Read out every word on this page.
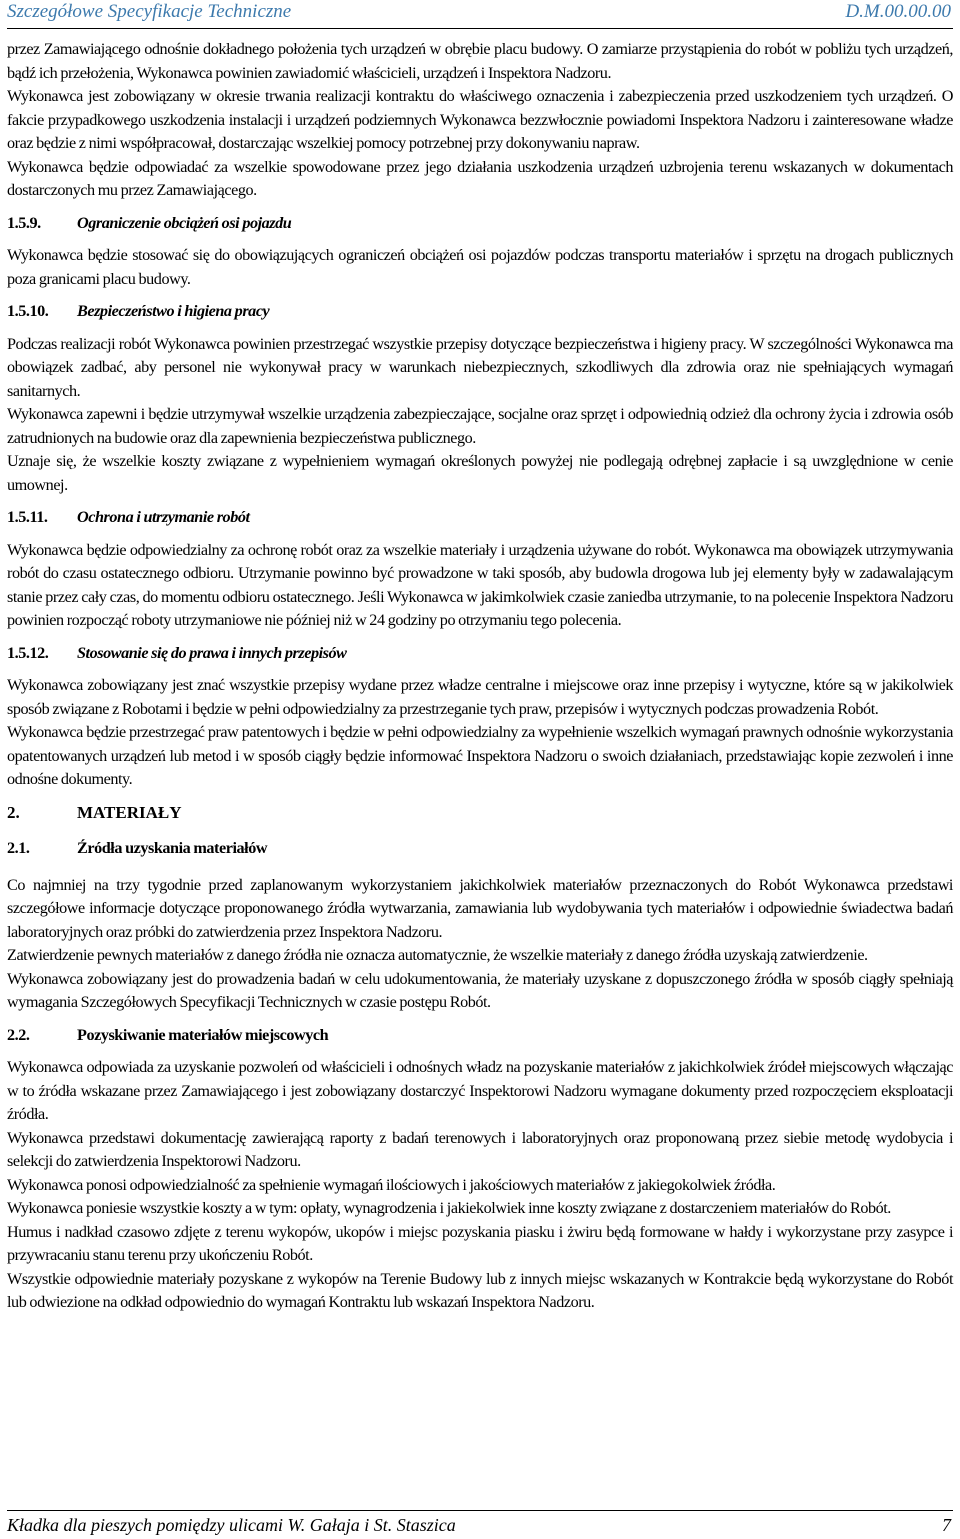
Szczegółowe Specyfikacje Techniczne	D.M.00.00.00

przez Zamawiającego odnośnie dokładnego położenia tych urządzeń w obrębie placu budowy. O zamiarze przystąpienia do robót w pobliżu tych urządzeń, bądź ich przełożenia, Wykonawca powinien zawiadomić właścicieli, urządzeń i Inspektora Nadzoru.

Wykonawca jest zobowiązany w okresie trwania realizacji kontraktu do właściwego oznaczenia i zabezpieczenia przed uszkodzeniem tych urządzeń. O fakcie przypadkowego uszkodzenia instalacji i urządzeń podziemnych Wykonawca bezzwłocznie powiadomi Inspektora Nadzoru i zainteresowane władze oraz będzie z nimi współpracował, dostarczając wszelkiej pomocy potrzebnej przy dokonywaniu napraw.

Wykonawca będzie odpowiadać za wszelkie spowodowane przez jego działania uszkodzenia urządzeń uzbrojenia terenu wskazanych w dokumentach dostarczonych mu przez Zamawiającego.

1.5.9.	Ograniczenie obciążeń osi pojazdu

Wykonawca będzie stosować się do obowiązujących ograniczeń obciążeń osi pojazdów podczas transportu materiałów i sprzętu na drogach publicznych poza granicami placu budowy.

1.5.10.	Bezpieczeństwo i higiena pracy

Podczas realizacji robót Wykonawca powinien przestrzegać wszystkie przepisy dotyczące bezpieczeństwa i higieny pracy. W szczególności Wykonawca ma obowiązek zadbać, aby personel nie wykonywał pracy w warunkach niebezpiecznych, szkodliwych dla zdrowia oraz nie spełniających wymagań sanitarnych.

Wykonawca zapewni i będzie utrzymywał wszelkie urządzenia zabezpieczające, socjalne oraz sprzęt i odpowiednią odzież dla ochrony życia i zdrowia osób zatrudnionych na budowie oraz dla zapewnienia bezpieczeństwa publicznego.

Uznaje się, że wszelkie koszty związane z wypełnieniem wymagań określonych powyżej nie podlegają odrębnej zapłacie i są uwzględnione w cenie umownej.

1.5.11.	Ochrona i utrzymanie robót

Wykonawca będzie odpowiedzialny za ochronę robót oraz za wszelkie materiały i urządzenia używane do robót. Wykonawca ma obowiązek utrzymywania robót do czasu ostatecznego odbioru. Utrzymanie powinno być prowadzone w taki sposób, aby budowla drogowa lub jej elementy były w zadawalającym stanie przez cały czas, do momentu odbioru ostatecznego. Jeśli Wykonawca w jakimkolwiek czasie zaniedba utrzymanie, to na polecenie Inspektora Nadzoru powinien rozpocząć roboty utrzymaniowe nie później niż w 24 godziny po otrzymaniu tego polecenia.

1.5.12.	Stosowanie się do prawa i innych przepisów

Wykonawca zobowiązany jest znać wszystkie przepisy wydane przez władze centralne i miejscowe oraz inne przepisy i wytyczne, które są w jakikolwiek sposób związane z Robotami i będzie w pełni odpowiedzialny za przestrzeganie tych praw, przepisów i wytycznych podczas prowadzenia Robót.

Wykonawca będzie przestrzegać praw patentowych i będzie w pełni odpowiedzialny za wypełnienie wszelkich wymagań prawnych odnośnie wykorzystania opatentowanych urządzeń lub metod i w sposób ciągły będzie informować Inspektora Nadzoru o swoich działaniach, przedstawiając kopie zezwoleń i inne odnośne dokumenty.

2.	MATERIAŁY
2.1.	Źródła uzyskania materiałów

Co najmniej na trzy tygodnie przed zaplanowanym wykorzystaniem jakichkolwiek materiałów przeznaczonych do Robót Wykonawca przedstawi szczegółowe informacje dotyczące proponowanego źródła wytwarzania, zamawiania lub wydobywania tych materiałów i odpowiednie świadectwa badań laboratoryjnych oraz próbki do zatwierdzenia przez Inspektora Nadzoru.

Zatwierdzenie pewnych materiałów z danego źródła nie oznacza automatycznie, że wszelkie materiały z danego źródła uzyskają zatwierdzenie.

Wykonawca zobowiązany jest do prowadzenia badań w celu udokumentowania, że materiały uzyskane z dopuszczonego źródła w sposób ciągły spełniają wymagania Szczegółowych Specyfikacji Technicznych w czasie postępu Robót.

2.2.	Pozyskiwanie materiałów miejscowych

Wykonawca odpowiada za uzyskanie pozwoleń od właścicieli i odnośnych władz na pozyskanie materiałów z jakichkolwiek źródeł miejscowych włączając w to źródła wskazane przez Zamawiającego i jest zobowiązany dostarczyć Inspektorowi Nadzoru wymagane dokumenty przed rozpoczęciem eksploatacji źródła.

Wykonawca przedstawi dokumentację zawierającą raporty z badań terenowych i laboratoryjnych oraz proponowaną przez siebie metodę wydobycia i selekcji do zatwierdzenia Inspektorowi Nadzoru.

Wykonawca ponosi odpowiedzialność za spełnienie wymagań ilościowych i jakościowych materiałów z jakiegokolwiek źródła.

Wykonawca poniesie wszystkie koszty a w tym: opłaty, wynagrodzenia i jakiekolwiek inne koszty związane z dostarczeniem materiałów do Robót.

Humus i nadkład czasowo zdjęte z terenu wykopów, ukopów i miejsc pozyskania piasku i żwiru będą formowane w hałdy i wykorzystane przy zasypce i przywracaniu stanu terenu przy ukończeniu Robót.

Wszystkie odpowiednie materiały pozyskane z wykopów na Terenie Budowy lub z innych miejsc wskazanych w Kontrakcie będą wykorzystane do Robót lub odwiezione na odkład odpowiednio do wymagań Kontraktu lub wskazań Inspektora Nadzoru.

Kładka dla pieszych pomiędzy ulicami W. Gałaja i St. Staszica	7
